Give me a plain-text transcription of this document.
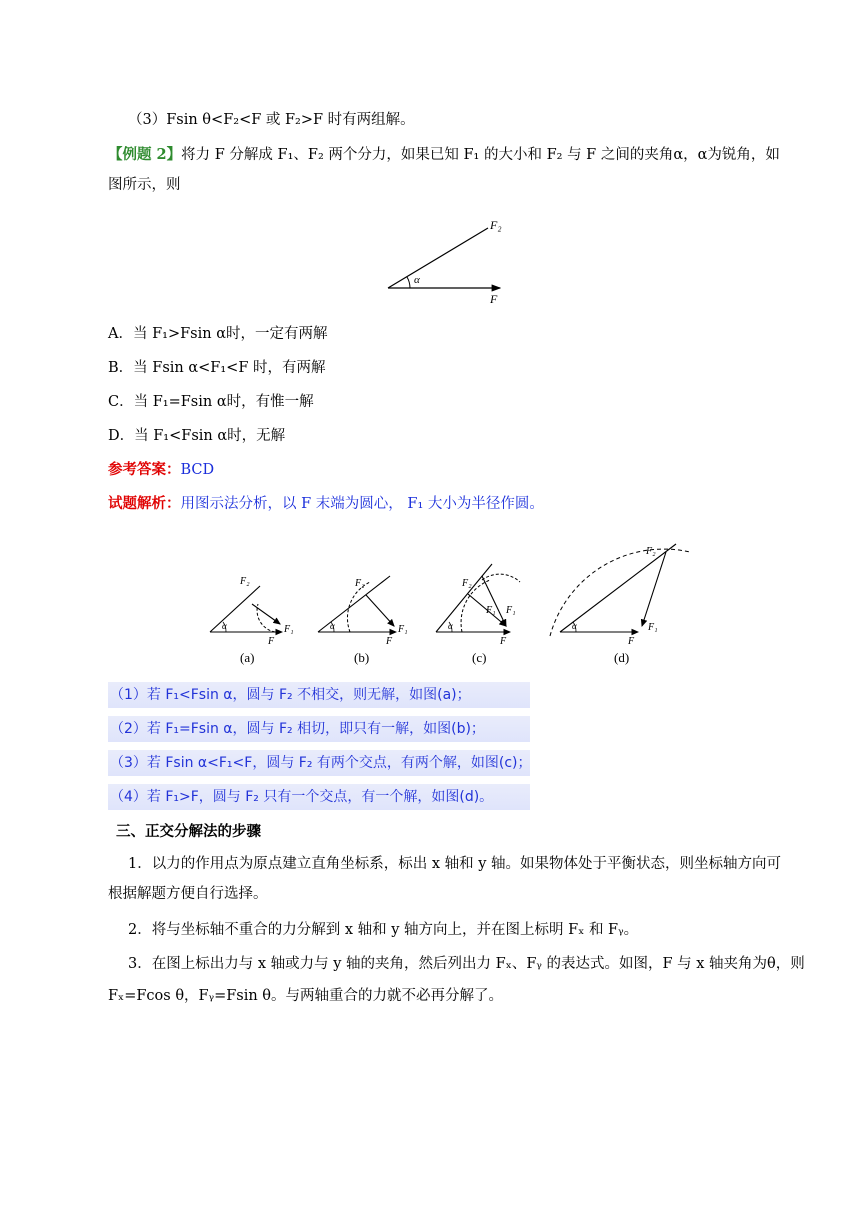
（3）Fsin θ<F₂<F 或 F₂>F 时有两组解。
【例题 2】将力 F 分解成 F₁、F₂ 两个分力，如果已知 F₁ 的大小和 F₂ 与 F 之间的夹角α，α为锐角，如
图所示，则
α
F₂
F
A．当 F₁>Fsin α时，一定有两解
B．当 Fsin α<F₁<F 时，有两解
C．当 F₁=Fsin α时，有惟一解
D．当 F₁<Fsin α时，无解
参考答案：BCD
试题解析：用图示法分析，以 F 末端为圆心， F₁ 大小为半径作圆。
α
F₂
F₁
F
(a)
α
F₂
F₁
F
(b)
α
F₂
F₁ F₁
F
(c)
α
F₂
F₁
F
(d)
（1）若 F₁<Fsin α，圆与 F₂ 不相交，则无解，如图(a)；
（2）若 F₁=Fsin α，圆与 F₂ 相切，即只有一解，如图(b)；
（3）若 Fsin α<F₁<F，圆与 F₂ 有两个交点，有两个解，如图(c)；
（4）若 F₁>F，圆与 F₂ 只有一个交点，有一个解，如图(d)。
三、正交分解法的步骤
1．以力的作用点为原点建立直角坐标系，标出 x 轴和 y 轴。如果物体处于平衡状态，则坐标轴方向可
根据解题方便自行选择。
2．将与坐标轴不重合的力分解到 x 轴和 y 轴方向上，并在图上标明 Fₓ 和 Fᵧ。
3．在图上标出力与 x 轴或力与 y 轴的夹角，然后列出力 Fₓ、Fᵧ 的表达式。如图，F 与 x 轴夹角为θ，则
Fₓ=Fcos θ，Fᵧ=Fsin θ。与两轴重合的力就不必再分解了。
